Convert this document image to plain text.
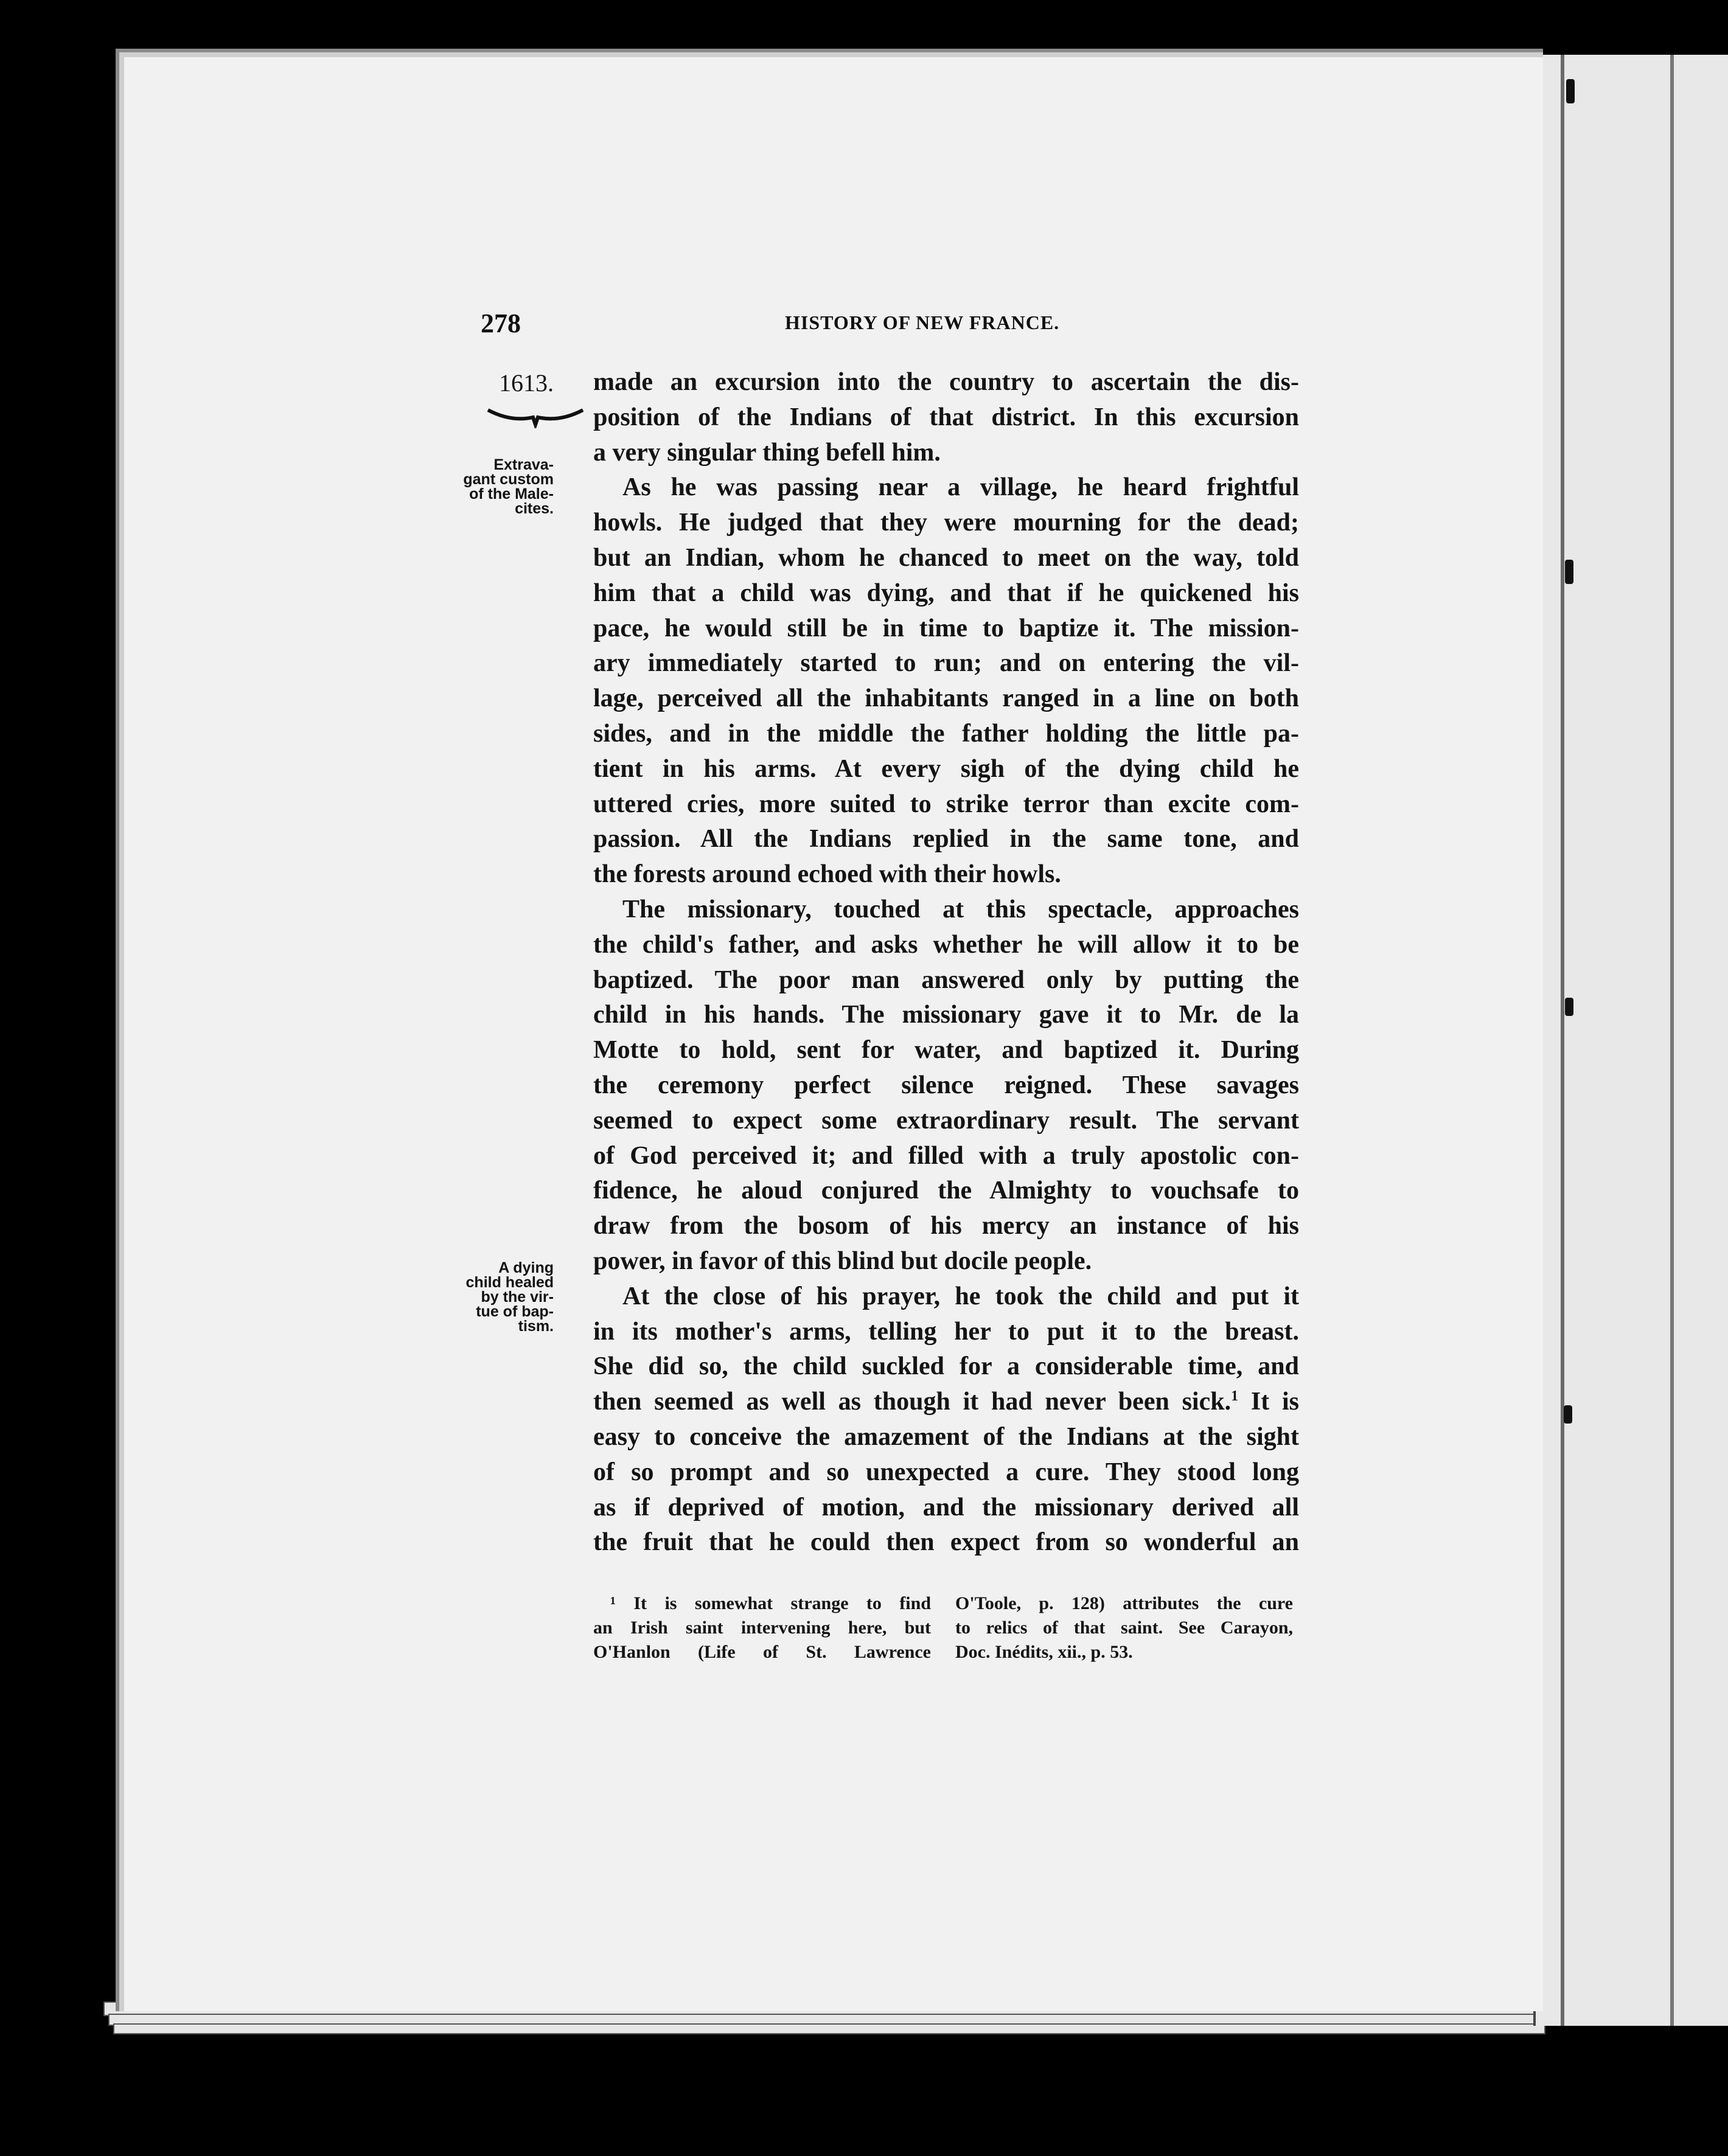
278	HISTORY OF NEW FRANCE.
1613.
Extrava-
gant custom
of the Male-
cites.
A dying
child healed
by the vir-
tue of bap-
tism.
made an excursion into the country to ascertain the dis-
position of the Indians of that district. In this excursion
a very singular thing befell him.
As he was passing near a village, he heard frightful
howls. He judged that they were mourning for the dead;
but an Indian, whom he chanced to meet on the way, told
him that a child was dying, and that if he quickened his
pace, he would still be in time to baptize it. The mission-
ary immediately started to run; and on entering the vil-
lage, perceived all the inhabitants ranged in a line on both
sides, and in the middle the father holding the little pa-
tient in his arms. At every sigh of the dying child he
uttered cries, more suited to strike terror than excite com-
passion. All the Indians replied in the same tone, and
the forests around echoed with their howls.
The missionary, touched at this spectacle, approaches
the child's father, and asks whether he will allow it to be
baptized. The poor man answered only by putting the
child in his hands. The missionary gave it to Mr. de la
Motte to hold, sent for water, and baptized it. During
the ceremony perfect silence reigned. These savages
seemed to expect some extraordinary result. The servant
of God perceived it; and filled with a truly apostolic con-
fidence, he aloud conjured the Almighty to vouchsafe to
draw from the bosom of his mercy an instance of his
power, in favor of this blind but docile people.
At the close of his prayer, he took the child and put it
in its mother's arms, telling her to put it to the breast.
She did so, the child suckled for a considerable time, and
then seemed as well as though it had never been sick.$^1$ It is
easy to conceive the amazement of the Indians at the sight
of so prompt and so unexpected a cure. They stood long
as if deprived of motion, and the missionary derived all
the fruit that he could then expect from so wonderful an
¹ It is somewhat strange to find
an Irish saint intervening here, but
O'Hanlon (Life of St. Lawrence
O'Toole, p. 128) attributes the cure
to relics of that saint. See Carayon,
Doc. Inédits, xii., p. 53.
